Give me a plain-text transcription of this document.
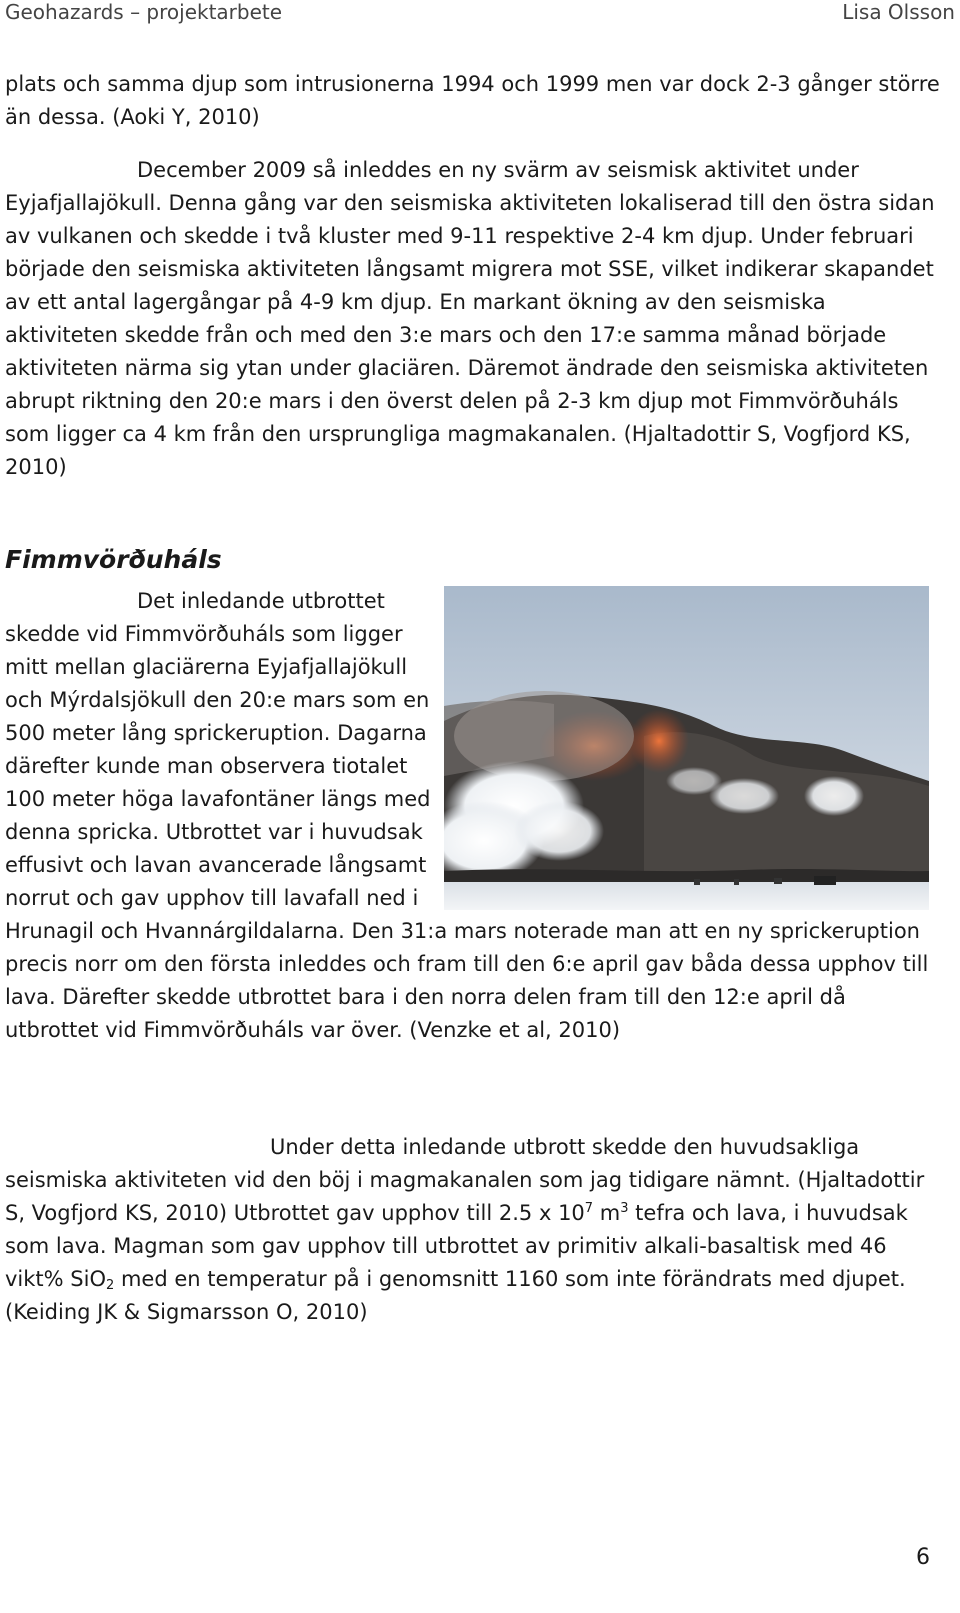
Geohazards – projektarbete	Lisa Olsson

plats och samma djup som intrusionerna 1994 och 1999 men var dock 2-3 gånger större än dessa. (Aoki Y, 2010)

December 2009 så inleddes en ny svärm av seismisk aktivitet under Eyjafjallajökull. Denna gång var den seismiska aktiviteten lokaliserad till den östra sidan av vulkanen och skedde i två kluster med 9-11 respektive 2-4 km djup. Under februari började den seismiska aktiviteten långsamt migrera mot SSE, vilket indikerar skapandet av ett antal lagergångar på 4-9 km djup. En markant ökning av den seismiska aktiviteten skedde från och med den 3:e mars och den 17:e samma månad började aktiviteten närma sig ytan under glaciären. Däremot ändrade den seismiska aktiviteten abrupt riktning den 20:e mars i den överst delen på 2-3 km djup mot Fimmvörðuháls som ligger ca 4 km från den ursprungliga magmakanalen. (Hjaltadottir S, Vogfjord KS, 2010)

Fimmvörðuháls

Det inledande utbrottet skedde vid Fimmvörðuháls som ligger mitt mellan glaciärerna Eyjafjallajökull och Mýrdalsjökull den 20:e mars som en 500 meter lång sprickeruption. Dagarna därefter kunde man observera tiotalet 100 meter höga lavafontäner längs med denna spricka. Utbrottet var i huvudsak effusivt och lavan avancerade långsamt norrut och gav upphov till lavafall ned i Hrunagil och Hvannárgildalarna. Den 31:a mars noterade man att en ny sprickeruption precis norr om den första inleddes och fram till den 6:e april gav båda dessa upphov till lava. Därefter skedde utbrottet bara i den norra delen fram till den 12:e april då utbrottet vid Fimmvörðuháls var över. (Venzke et al, 2010)

Under detta inledande utbrott skedde den huvudsakliga seismiska aktiviteten vid den böj i magmakanalen som jag tidigare nämnt. (Hjaltadottir S, Vogfjord KS, 2010) Utbrottet gav upphov till 2.5 x $10^7$ $m^3$ tefra och lava, i huvudsak som lava. Magman som gav upphov till utbrottet av primitiv alkali-basaltisk med 46 vikt% SiO$_2$ med en temperatur på i genomsnitt 1160 som inte förändrats med djupet. (Keiding JK & Sigmarsson O, 2010)

6
